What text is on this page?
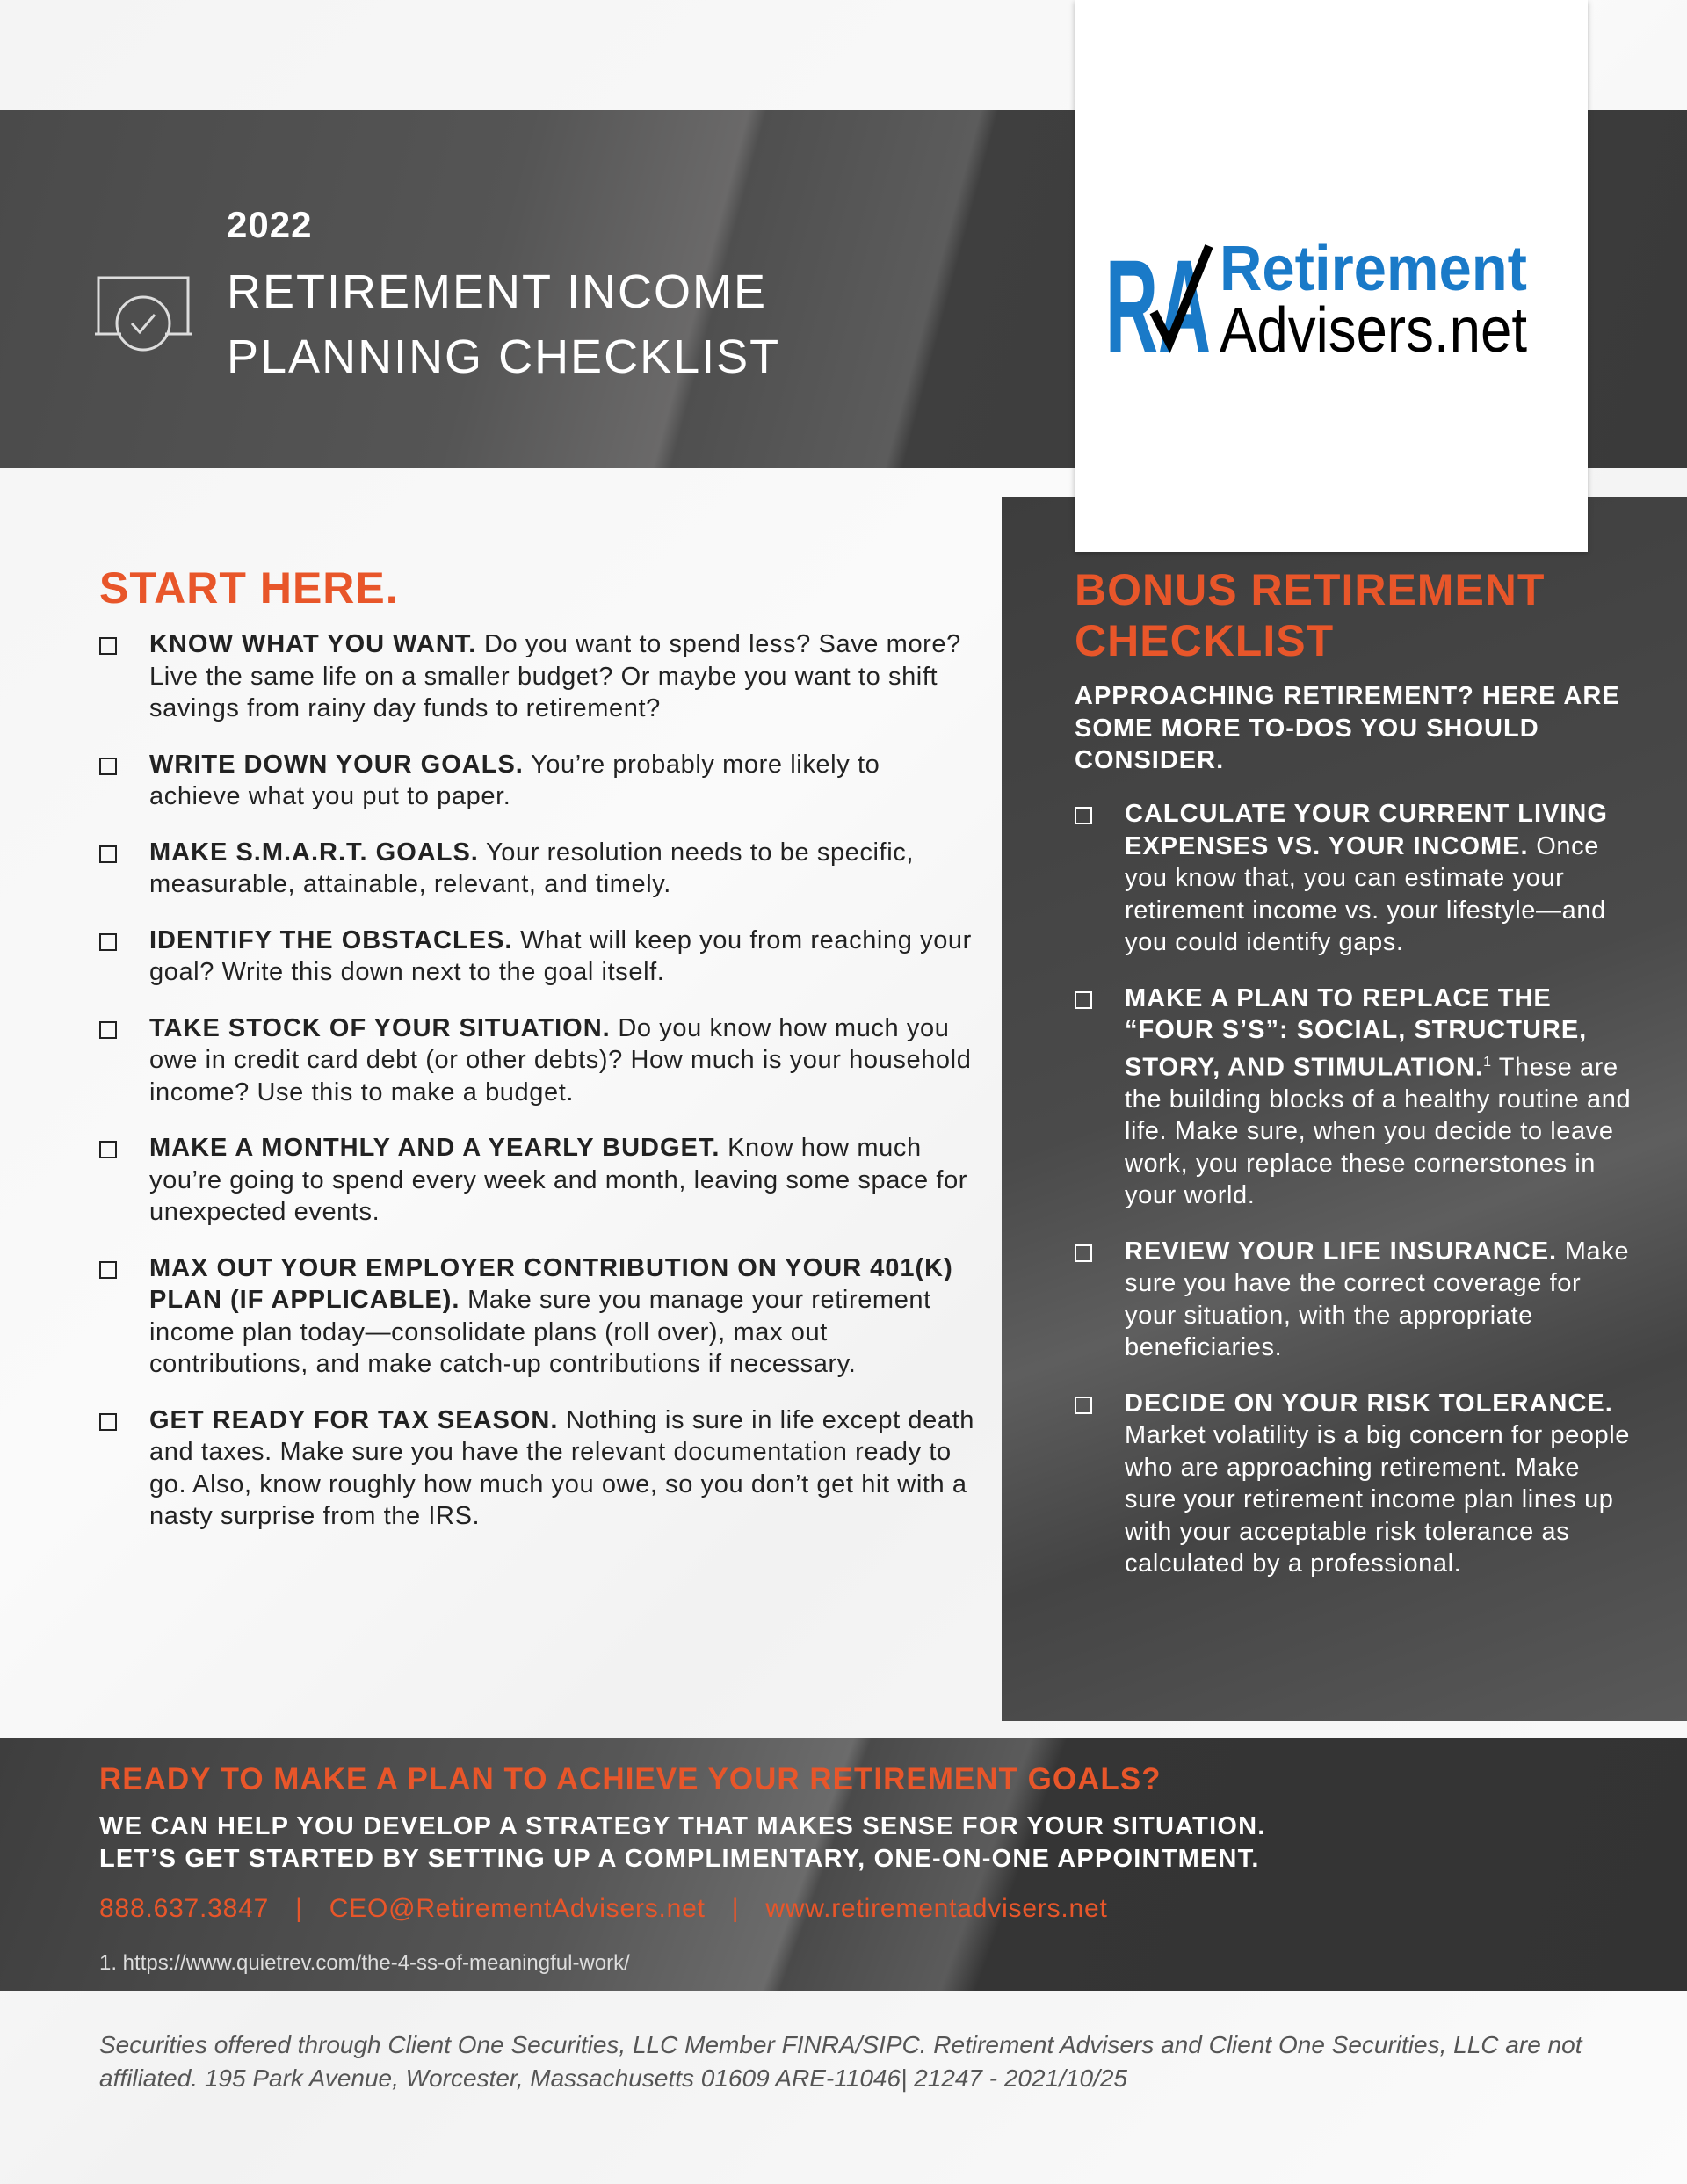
2022
RETIREMENT INCOME
PLANNING CHECKLIST RA Retirement
Advisers.net
START HERE.
KNOW WHAT YOU WANT. Do you want to spend less? Save more? Live the same life on a smaller budget? Or maybe you want to shift savings from rainy day funds to retirement?
WRITE DOWN YOUR GOALS. You’re probably more likely to achieve what you put to paper.
MAKE S.M.A.R.T. GOALS. Your resolution needs to be specific, measurable, attainable, relevant, and timely.
IDENTIFY THE OBSTACLES. What will keep you from reaching your goal? Write this down next to the goal itself.
TAKE STOCK OF YOUR SITUATION. Do you know how much you owe in credit card debt (or other debts)? How much is your household income? Use this to make a budget.
MAKE A MONTHLY AND A YEARLY BUDGET. Know how much you’re going to spend every week and month, leaving some space for unexpected events.
MAX OUT YOUR EMPLOYER CONTRIBUTION ON YOUR 401(K) PLAN (IF APPLICABLE). Make sure you manage your retirement income plan today—consolidate plans (roll over), max out contributions, and make catch-up contributions if necessary.
GET READY FOR TAX SEASON. Nothing is sure in life except death and taxes. Make sure you have the relevant documentation ready to go. Also, know roughly how much you owe, so you don’t get hit with a nasty surprise from the IRS.
BONUS RETIREMENT CHECKLIST
APPROACHING RETIREMENT? HERE ARE SOME MORE TO-DOS YOU SHOULD CONSIDER.
CALCULATE YOUR CURRENT LIVING EXPENSES VS. YOUR INCOME. Once you know that, you can estimate your retirement income vs. your lifestyle—and you could identify gaps.
MAKE A PLAN TO REPLACE THE “FOUR S’S”: SOCIAL, STRUCTURE, STORY, AND STIMULATION.$^1$ These are the building blocks of a healthy routine and life. Make sure, when you decide to leave work, you replace these cornerstones in your world.
REVIEW YOUR LIFE INSURANCE. Make sure you have the correct coverage for your situation, with the appropriate beneficiaries.
DECIDE ON YOUR RISK TOLERANCE. Market volatility is a big concern for people who are approaching retirement. Make sure your retirement income plan lines up with your acceptable risk tolerance as calculated by a professional.
READY TO MAKE A PLAN TO ACHIEVE YOUR RETIREMENT GOALS?
WE CAN HELP YOU DEVELOP A STRATEGY THAT MAKES SENSE FOR YOUR SITUATION.
LET’S GET STARTED BY SETTING UP A COMPLIMENTARY, ONE-ON-ONE APPOINTMENT.
888.637.3847 | CEO@RetirementAdvisers.net | www.retirementadvisers.net
1. https://www.quietrev.com/the-4-ss-of-meaningful-work/
Securities offered through Client One Securities, LLC Member FINRA/SIPC. Retirement Advisers and Client One Securities, LLC are not affiliated. 195 Park Avenue, Worcester, Massachusetts 01609 ARE-11046| 21247 - 2021/10/25
